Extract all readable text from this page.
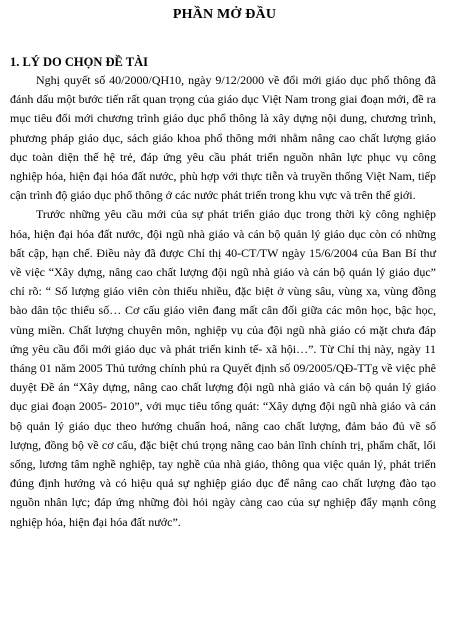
PHẦN MỞ ĐẦU
1. LÝ DO CHỌN ĐỀ TÀI

Nghị quyết số 40/2000/QH10, ngày 9/12/2000 về đổi mới giáo dục phổ thông đã đánh dấu một bước tiến rất quan trọng của giáo dục Việt Nam trong giai đoạn mới, đề ra mục tiêu đổi mới chương trình giáo dục phổ thông là xây dựng nội dung, chương trình, phương pháp giáo dục, sách giáo khoa phổ thông mới nhằm nâng cao chất lượng giáo dục toàn diện thế hệ trẻ, đáp ứng yêu cầu phát triển nguồn nhân lực phục vụ công nghiệp hóa, hiện đại hóa đất nước, phù hợp với thực tiễn và truyền thống Việt Nam, tiếp cận trình độ giáo dục phổ thông ở các nước phát triển trong khu vực và trên thế giới.

Trước những yêu cầu mới của sự phát triển giáo dục trong thời kỳ công nghiệp hóa, hiện đại hóa đất nước, đội ngũ nhà giáo và cán bộ quản lý giáo dục còn có những bất cập, hạn chế. Điều này đã được Chỉ thị 40-CT/TW ngày 15/6/2004 của Ban Bí thư về việc “Xây dựng, nâng cao chất lượng đội ngũ nhà giáo và cán bộ quản lý giáo dục” chỉ rõ: “ Số lượng giáo viên còn thiếu nhiều, đặc biệt ở vùng sâu, vùng xa, vùng đồng bào dân tộc thiểu số… Cơ cấu giáo viên đang mất cân đối giữa các môn học, bậc học, vùng miền. Chất lượng chuyên môn, nghiệp vụ của đội ngũ nhà giáo có mặt chưa đáp ứng yêu cầu đổi mới giáo dục và phát triển kinh tế- xã hội…”. Từ Chỉ thị này, ngày 11 tháng 01 năm 2005 Thủ tướng chính phủ ra Quyết định số 09/2005/QĐ-TTg về việc phê duyệt Đề án “Xây dựng, nâng cao chất lượng đội ngũ nhà giáo và cán bộ quản lý giáo dục giai đoạn 2005- 2010”, với mục tiêu tổng quát: “Xây dựng đội ngũ nhà giáo và cán bộ quản lý giáo dục theo hướng chuẩn hoá, nâng cao chất lượng, đảm bảo đủ về số lượng, đồng bộ về cơ cấu, đặc biệt chú trọng nâng cao bản lĩnh chính trị, phẩm chất, lối sống, lương tâm nghề nghiệp, tay nghề của nhà giáo, thông qua việc quản lý, phát triển đúng định hướng và có hiệu quả sự nghiệp giáo dục để nâng cao chất lượng đào tạo nguồn nhân lực; đáp ứng những đòi hỏi ngày càng cao của sự nghiệp đẩy mạnh công nghiệp hóa, hiện đại hóa đất nước”.
